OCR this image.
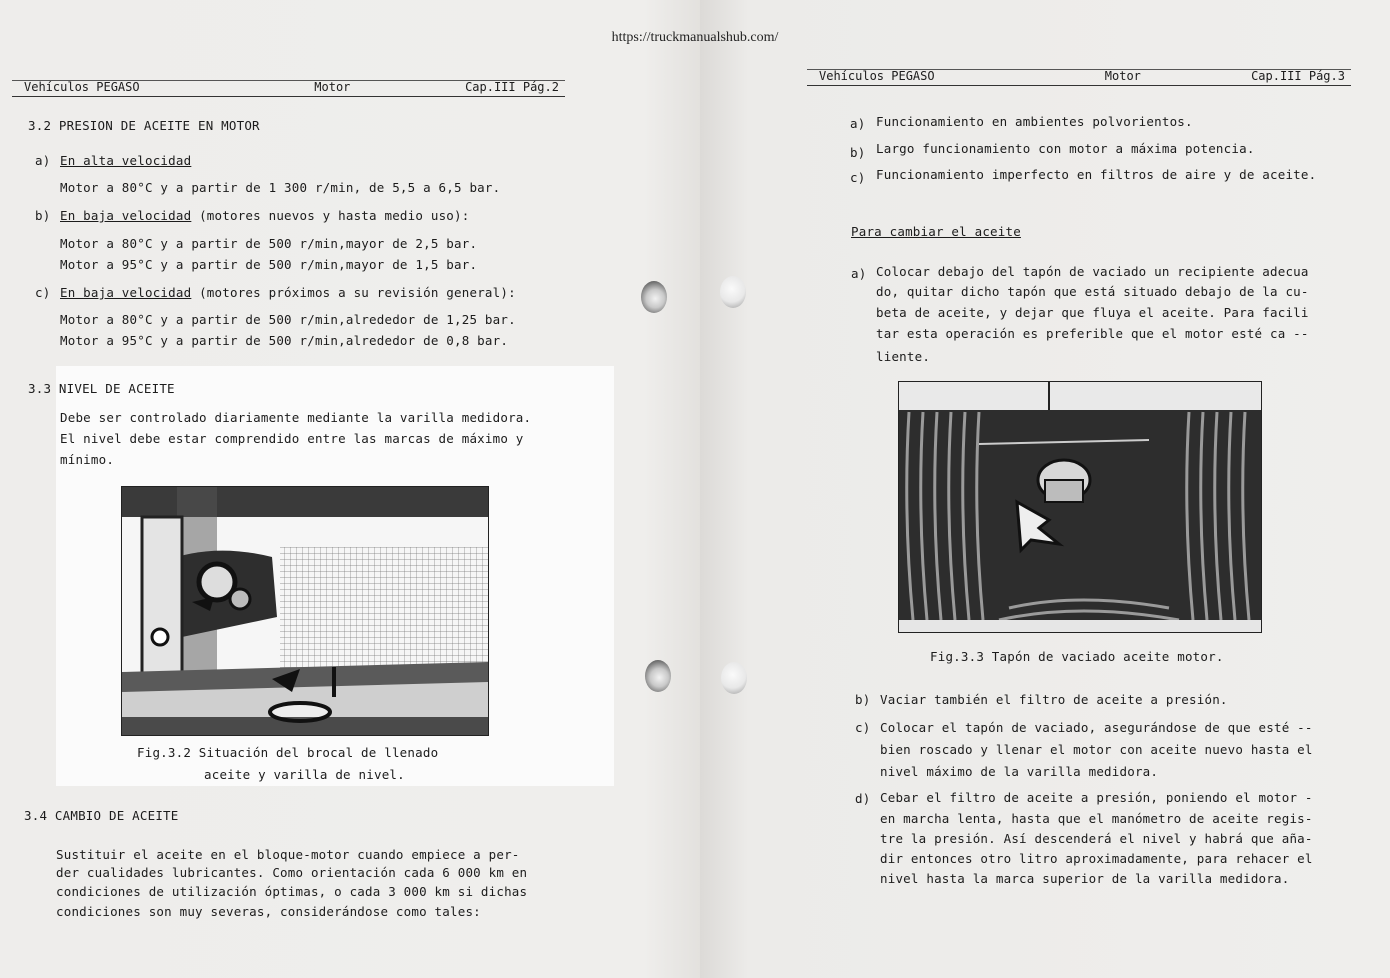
https://truckmanualshub.com/
Vehículos PEGASO	Motor	Cap.III Pág.2
3.2 PRESION DE ACEITE EN MOTOR
a) En alta velocidad
Motor a 80°C y a partir de 1 300 r/min, de 5,5 a 6,5 bar.
b) En baja velocidad (motores nuevos y hasta medio uso):
Motor a 80°C y a partir de 500 r/min,mayor de 2,5 bar.
Motor a 95°C y a partir de 500 r/min,mayor de 1,5 bar.
c) En baja velocidad (motores próximos a su revisión general):
Motor a 80°C y a partir de 500 r/min,alrededor de 1,25 bar.
Motor a 95°C y a partir de 500 r/min,alrededor de 0,8 bar.
3.3 NIVEL DE ACEITE
Debe ser controlado diariamente mediante la varilla medidora.
El nivel debe estar comprendido entre las marcas de máximo y
mínimo.
Fig.3.2 Situación del brocal de llenado
aceite y varilla de nivel.
3.4 CAMBIO DE ACEITE
Sustituir el aceite en el bloque-motor cuando empiece a per-
der cualidades lubricantes. Como orientación cada 6 000 km en
condiciones de utilización óptimas, o cada 3 000 km si dichas
condiciones son muy severas, considerándose como tales:
Vehículos PEGASO	Motor	Cap.III Pág.3
a) Funcionamiento en ambientes polvorientos.
b) Largo funcionamiento con motor a máxima potencia.
c) Funcionamiento imperfecto en filtros de aire y de aceite.
Para cambiar el aceite
a) Colocar debajo del tapón de vaciado un recipiente adecua
do, quitar dicho tapón que está situado debajo de la cu-
beta de aceite, y dejar que fluya el aceite. Para facili
tar esta operación es preferible que el motor esté ca --
liente.
Fig.3.3 Tapón de vaciado aceite motor.
b) Vaciar también el filtro de aceite a presión.
c) Colocar el tapón de vaciado, asegurándose de que esté --
bien roscado y llenar el motor con aceite nuevo hasta el
nivel máximo de la varilla medidora.
d) Cebar el filtro de aceite a presión, poniendo el motor -
en marcha lenta, hasta que el manómetro de aceite regis-
tre la presión. Así descenderá el nivel y habrá que aña-
dir entonces otro litro aproximadamente, para rehacer el
nivel hasta la marca superior de la varilla medidora.
